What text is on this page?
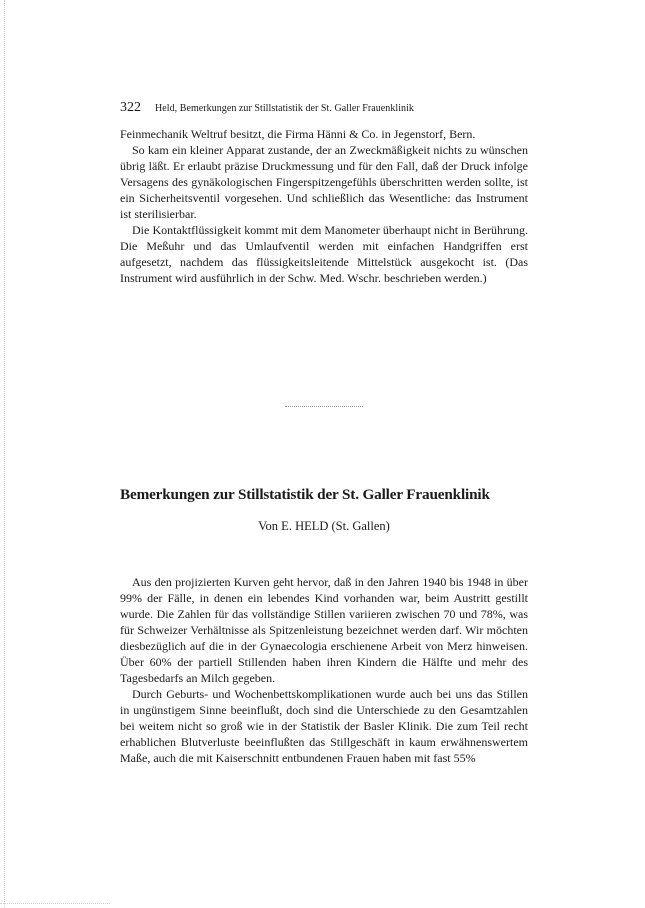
322 Held, Bemerkungen zur Stillstatistik der St. Galler Frauenklinik

Feinmechanik Weltruf besitzt, die Firma Hänni & Co. in Jegenstorf, Bern.

So kam ein kleiner Apparat zustande, der an Zweckmäßigkeit nichts zu wünschen übrig läßt. Er erlaubt präzise Druckmessung und für den Fall, daß der Druck infolge Versagens des gynäkologischen Fingerspitzengefühls überschritten werden sollte, ist ein Sicherheitsventil vorgesehen. Und schließlich das Wesentliche: das Instrument ist sterilisierbar.

Die Kontaktflüssigkeit kommt mit dem Manometer überhaupt nicht in Berührung. Die Meßuhr und das Umlaufventil werden mit einfachen Handgriffen erst aufgesetzt, nachdem das flüssigkeitsleitende Mittelstück ausgekocht ist. (Das Instrument wird ausführlich in der Schw. Med. Wschr. beschrieben werden.)

Bemerkungen zur Stillstatistik der St. Galler Frauenklinik
Von E. HELD (St. Gallen)

Aus den projizierten Kurven geht hervor, daß in den Jahren 1940 bis 1948 in über 99% der Fälle, in denen ein lebendes Kind vorhanden war, beim Austritt gestillt wurde. Die Zahlen für das vollständige Stillen variieren zwischen 70 und 78%, was für Schweizer Verhältnisse als Spitzenleistung bezeichnet werden darf. Wir möchten diesbezüglich auf die in der Gynaecologia erschienene Arbeit von Merz hinweisen. Über 60% der partiell Stillenden haben ihren Kindern die Hälfte und mehr des Tagesbedarfs an Milch gegeben.

Durch Geburts- und Wochenbettskomplikationen wurde auch bei uns das Stillen in ungünstigem Sinne beeinflußt, doch sind die Unterschiede zu den Gesamtzahlen bei weitem nicht so groß wie in der Statistik der Basler Klinik. Die zum Teil recht erhablichen Blutverluste beeinflußten das Stillgeschäft in kaum erwähnenswertem Maße, auch die mit Kaiserschnitt entbundenen Frauen haben mit fast 55%
